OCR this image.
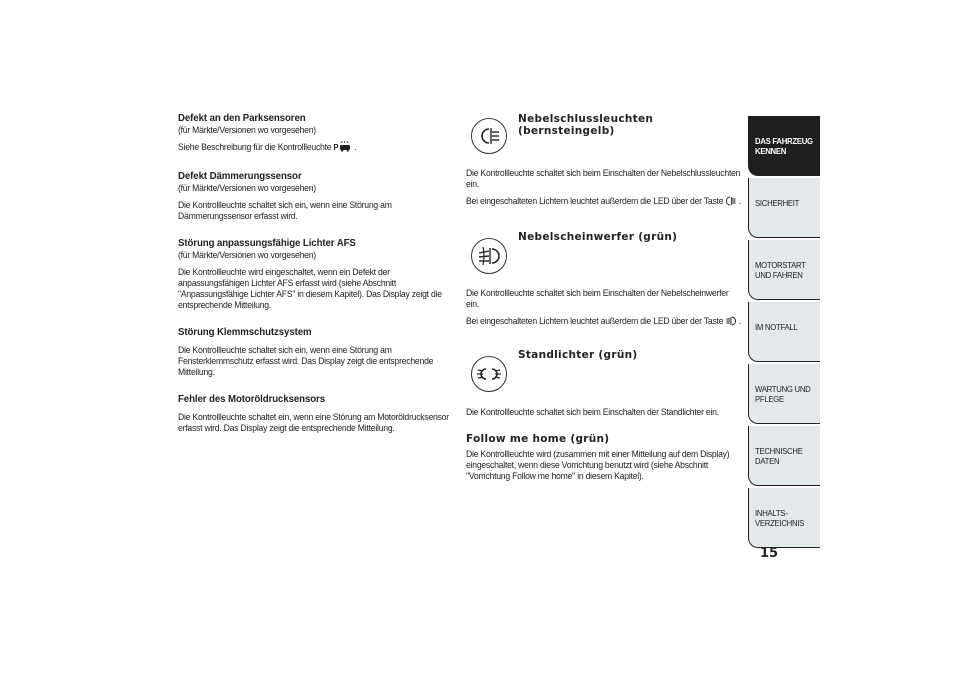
Defekt an den Parksensoren
(für Märkte/Versionen wo vorgesehen)
Siehe Beschreibung für die Kontrollleuchte P .
Defekt Dämmerungssensor
(für Märkte/Versionen wo vorgesehen)
Die Kontrollleuchte schaltet sich ein, wenn eine Störung am Dämmerungssensor erfasst wird.
Störung anpassungsfähige Lichter AFS
(für Märkte/Versionen wo vorgesehen)
Die Kontrollleuchte wird eingeschaltet, wenn ein Defekt der anpassungsfähigen Lichter AFS erfasst wird (siehe Abschnitt "Anpassungsfähige Lichter AFS" in diesem Kapitel). Das Display zeigt die entsprechende Mitteilung.
Störung Klemmschutzsystem
Die Kontrollleuchte schaltet sich ein, wenn eine Störung am Fensterklemmschutz erfasst wird. Das Display zeigt die entsprechende Mitteilung.
Fehler des Motoröldrucksensors
Die Kontrollleuchte schaltet ein, wenn eine Störung am Motoröldrucksensor erfasst wird. Das Display zeigt die entsprechende Mitteilung.
Nebelschlussleuchten (bernsteingelb)
Die Kontrollleuchte schaltet sich beim Einschalten der Nebelschlussleuchten ein.
Bei eingeschalteten Lichtern leuchtet außerdem die LED über der Taste .
Nebelscheinwerfer (grün)
Die Kontrollleuchte schaltet sich beim Einschalten der Nebelscheinwerfer ein.
Bei eingeschalteten Lichtern leuchtet außerdem die LED über der Taste .
Standlichter (grün)
Die Kontrollleuchte schaltet sich beim Einschalten der Standlichter ein.
Follow me home (grün)
Die Kontrollleuchte wird (zusammen mit einer Mitteilung auf dem Display) eingeschaltet, wenn diese Vorrichtung benutzt wird (siehe Abschnitt "Vorrichtung Follow me home" in diesem Kapitel).
DAS FAHRZEUG KENNEN
SICHERHEIT
MOTORSTART UND FAHREN
IM NOTFALL
WARTUNG UND PFLEGE
TECHNISCHE DATEN
INHALTS-VERZEICHNIS
15
